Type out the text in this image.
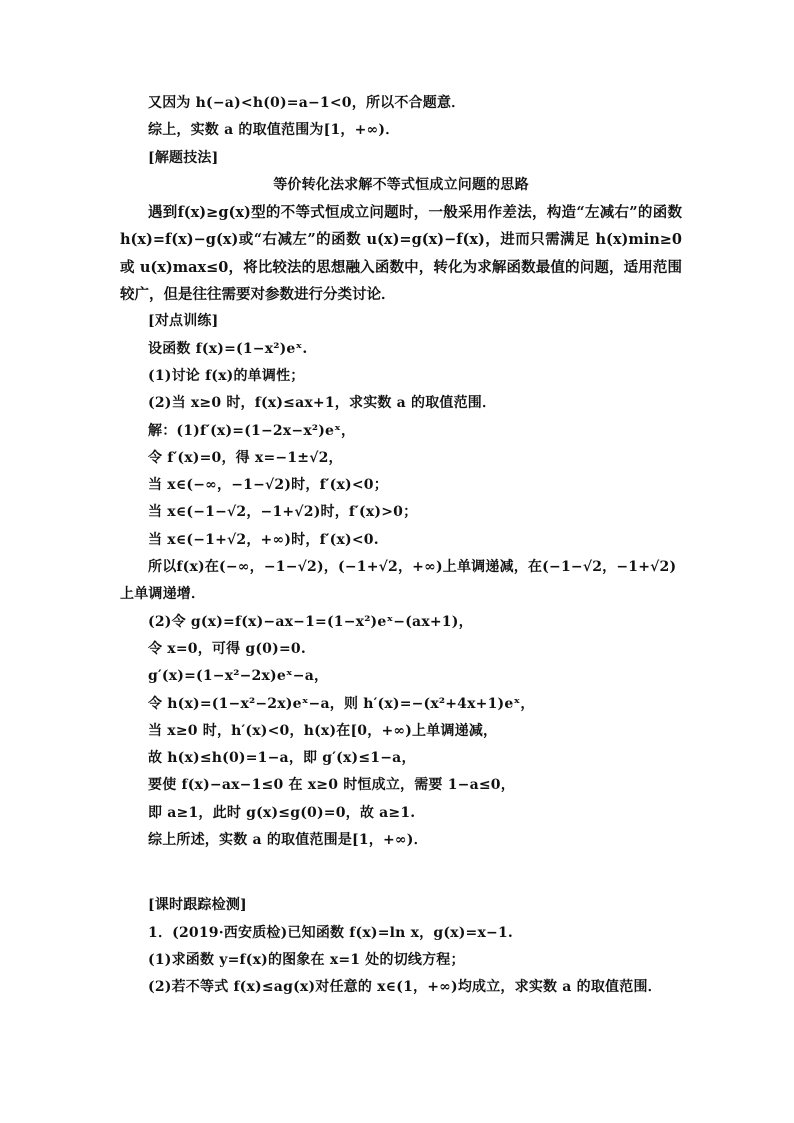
又因为 h(−a)<h(0)=a−1<0，所以不合题意．
综上，实数 a 的取值范围为[1，+∞)．
[解题技法]
等价转化法求解不等式恒成立问题的思路
遇到f(x)≥g(x)型的不等式恒成立问题时，一般采用作差法，构造“左减右”的函数 h(x)=f(x)−g(x)或“右减左”的函数 u(x)=g(x)−f(x)，进而只需满足 h(x)min≥0或 u(x)max≤0，将比较法的思想融入函数中，转化为求解函数最值的问题，适用范围较广，但是往往需要对参数进行分类讨论．
[对点训练]
设函数 f(x)=(1−x²)eˣ.
(1)讨论 f(x)的单调性；
(2)当 x≥0 时，f(x)≤ax+1，求实数 a 的取值范围．
解：(1)f′(x)=(1−2x−x²)eˣ，
令 f′(x)=0，得 x=−1±√2，
当 x∈(−∞，−1−√2)时，f′(x)<0；
当 x∈(−1−√2，−1+√2)时，f′(x)>0；
当 x∈(−1+√2，+∞)时，f′(x)<0.
所以f(x)在(−∞，−1−√2)，(−1+√2，+∞)上单调递减，在(−1−√2，−1+√2)
上单调递增．
(2)令 g(x)=f(x)−ax−1=(1−x²)eˣ−(ax+1)，
令 x=0，可得 g(0)=0.
g′(x)=(1−x²−2x)eˣ−a，
令 h(x)=(1−x²−2x)eˣ−a，则 h′(x)=−(x²+4x+1)eˣ，
当 x≥0 时，h′(x)<0，h(x)在[0，+∞)上单调递减，
故 h(x)≤h(0)=1−a，即 g′(x)≤1−a，
要使 f(x)−ax−1≤0 在 x≥0 时恒成立，需要 1−a≤0，
即 a≥1，此时 g(x)≤g(0)=0，故 a≥1.
综上所述，实数 a 的取值范围是[1，+∞)．
[课时跟踪检测]
1．(2019·西安质检)已知函数 f(x)=ln x，g(x)=x−1.
(1)求函数 y=f(x)的图象在 x=1 处的切线方程；
(2)若不等式 f(x)≤ag(x)对任意的 x∈(1，+∞)均成立，求实数 a 的取值范围．
